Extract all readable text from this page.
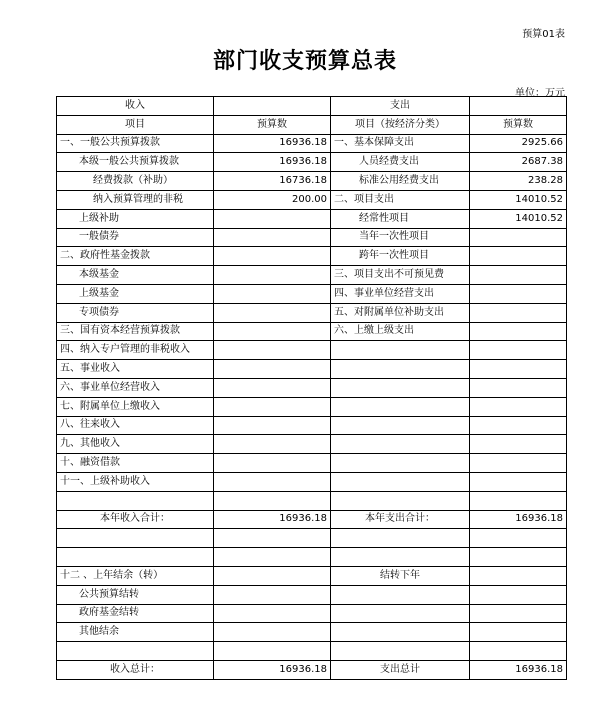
预算01表
部门收支预算总表
单位：万元
收入		支出	
项目	预算数	项目（按经济分类）	预算数
一、一般公共预算拨款	16936.18	一、基本保障支出	2925.66
本级一般公共预算拨款	16936.18	人员经费支出	2687.38
经费拨款（补助）	16736.18	标准公用经费支出	238.28
纳入预算管理的非税	200.00	二、项目支出	14010.52
上级补助		经常性项目	14010.52
一般债券		当年一次性项目	
二、政府性基金拨款		跨年一次性项目	
本级基金		三、项目支出不可预见费	
上级基金		四、事业单位经营支出	
专项债券		五、对附属单位补助支出	
三、国有资本经营预算拨款		六、上缴上级支出	
四、纳入专户管理的非税收入			
五、事业收入			
六、事业单位经营收入			
七、附属单位上缴收入			
八、往来收入			
九、其他收入			
十、融资借款			
十一、上级补助收入			

本年收入合计：	16936.18	本年支出合计：	16936.18

十二 、上年结余（转）		结转下年	
公共预算结转			
政府基金结转			
其他结余			

收入总计：	16936.18	支出总计	16936.18
